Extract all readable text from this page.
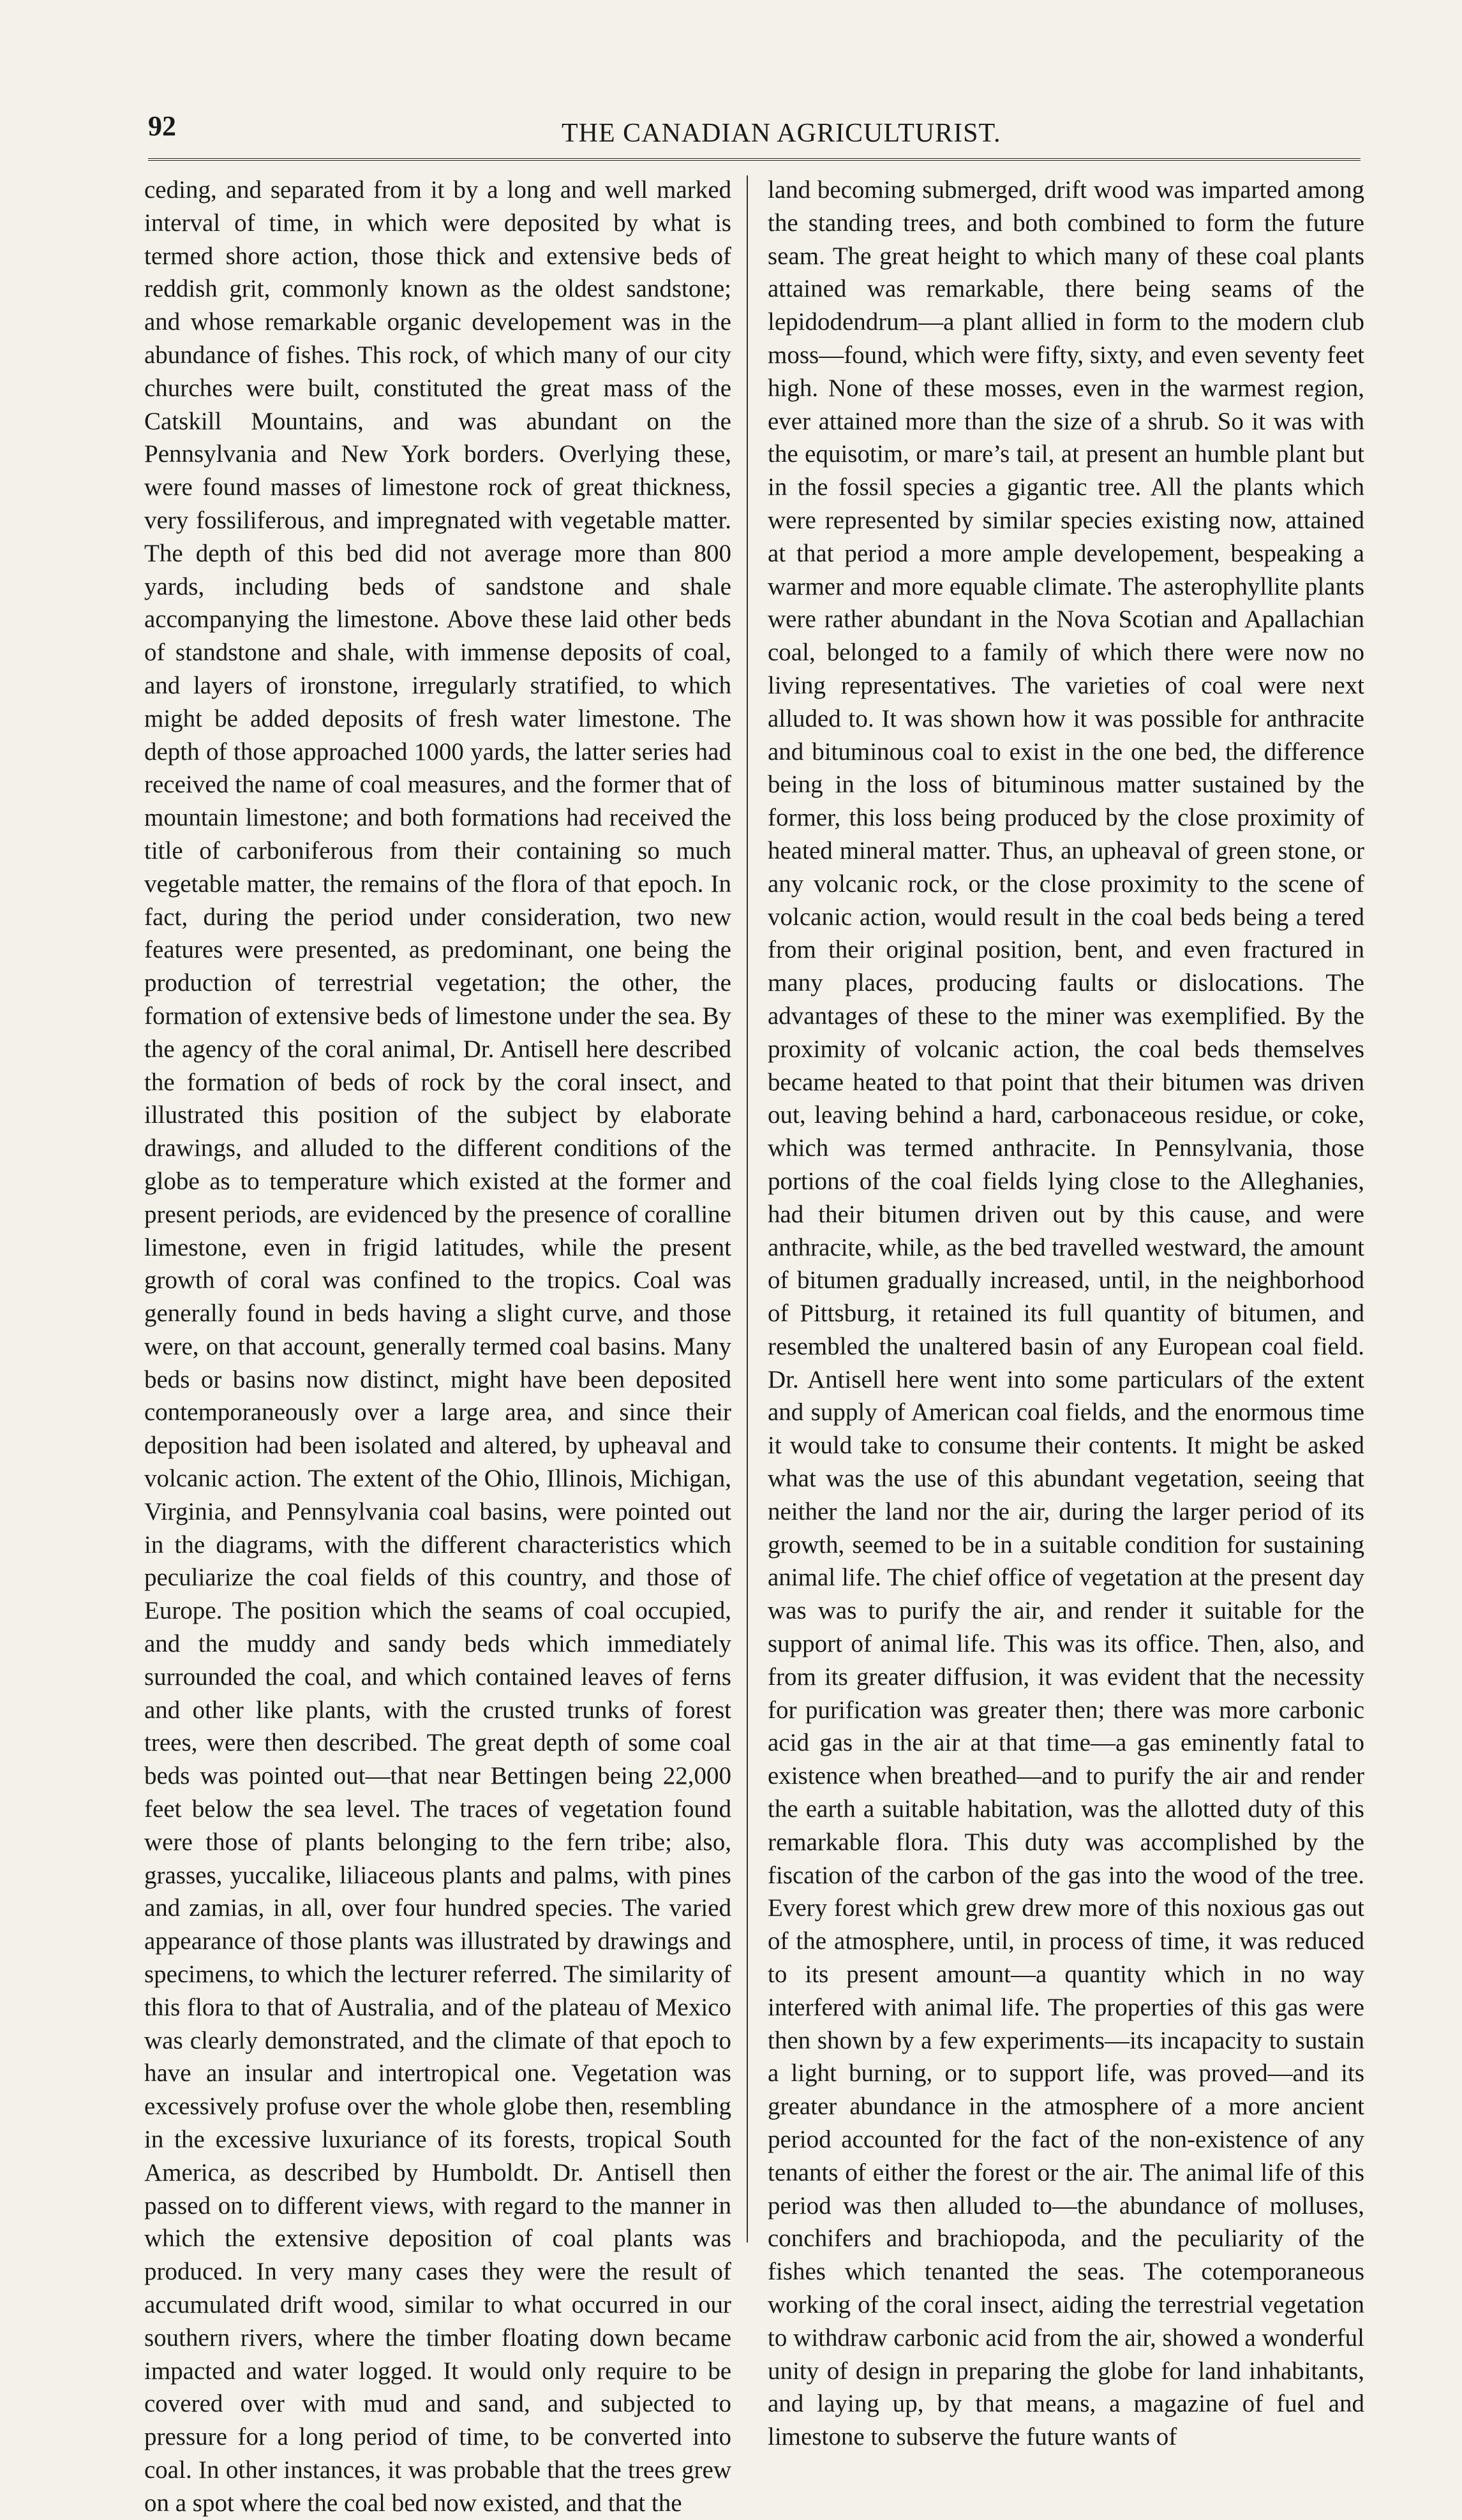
92	THE CANADIAN AGRICULTURIST.

ceding, and separated from it by a long and well marked interval of time, in which were deposited by what is termed shore action, those thick and extensive beds of reddish grit, commonly known as the oldest sandstone; and whose remarkable organic developement was in the abundance of fishes. This rock, of which many of our city churches were built, constituted the great mass of the Catskill Mountains, and was abundant on the Pennsylvania and New York borders. Overlying these, were found masses of limestone rock of great thickness, very fossiliferous, and impregnated with vegetable matter. The depth of this bed did not average more than 800 yards, including beds of sandstone and shale accompanying the limestone. Above these laid other beds of standstone and shale, with immense deposits of coal, and layers of ironstone, irregularly stratified, to which might be added deposits of fresh water limestone. The depth of those approached 1000 yards, the latter series had received the name of coal measures, and the former that of mountain limestone; and both formations had received the title of carboniferous from their containing so much vegetable matter, the remains of the flora of that epoch. In fact, during the period under consideration, two new features were presented, as predominant, one being the production of terrestrial vegetation; the other, the formation of extensive beds of limestone under the sea. By the agency of the coral animal, Dr. Antisell here described the formation of beds of rock by the coral insect, and illustrated this position of the subject by elaborate drawings, and alluded to the different conditions of the globe as to temperature which existed at the former and present periods, are evidenced by the presence of coralline limestone, even in frigid latitudes, while the present growth of coral was confined to the tropics. Coal was generally found in beds having a slight curve, and those were, on that account, generally termed coal basins. Many beds or basins now distinct, might have been deposited contemporaneously over a large area, and since their deposition had been isolated and altered, by upheaval and volcanic action. The extent of the Ohio, Illinois, Michigan, Virginia, and Pennsylvania coal basins, were pointed out in the diagrams, with the different characteristics which peculiarize the coal fields of this country, and those of Europe. The position which the seams of coal occupied, and the muddy and sandy beds which immediately surrounded the coal, and which contained leaves of ferns and other like plants, with the crusted trunks of forest trees, were then described. The great depth of some coal beds was pointed out—that near Bettingen being 22,000 feet below the sea level. The traces of vegetation found were those of plants belonging to the fern tribe; also, grasses, yuccalike, liliaceous plants and palms, with pines and zamias, in all, over four hundred species. The varied appearance of those plants was illustrated by drawings and specimens, to which the lecturer referred. The similarity of this flora to that of Australia, and of the plateau of Mexico was clearly demonstrated, and the climate of that epoch to have an insular and intertropical one. Vegetation was excessively profuse over the whole globe then, resembling in the excessive luxuriance of its forests, tropical South America, as described by Humboldt. Dr. Antisell then passed on to different views, with regard to the manner in which the extensive deposition of coal plants was produced. In very many cases they were the result of accumulated drift wood, similar to what occurred in our southern rivers, where the timber floating down became impacted and water logged. It would only require to be covered over with mud and sand, and subjected to pressure for a long period of time, to be converted into coal. In other instances, it was probable that the trees grew on a spot where the coal bed now existed, and that the

land becoming submerged, drift wood was imparted among the standing trees, and both combined to form the future seam. The great height to which many of these coal plants attained was remarkable, there being seams of the lepidodendrum—a plant allied in form to the modern club moss—found, which were fifty, sixty, and even seventy feet high. None of these mosses, even in the warmest region, ever attained more than the size of a shrub. So it was with the equisotim, or mare’s tail, at present an humble plant but in the fossil species a gigantic tree. All the plants which were represented by similar species existing now, attained at that period a more ample developement, bespeaking a warmer and more equable climate. The asterophyllite plants were rather abundant in the Nova Scotian and Apallachian coal, belonged to a family of which there were now no living representatives. The varieties of coal were next alluded to. It was shown how it was possible for anthracite and bituminous coal to exist in the one bed, the difference being in the loss of bituminous matter sustained by the former, this loss being produced by the close proximity of heated mineral matter. Thus, an upheaval of green stone, or any volcanic rock, or the close proximity to the scene of volcanic action, would result in the coal beds being a tered from their original position, bent, and even fractured in many places, producing faults or dislocations. The advantages of these to the miner was exemplified. By the proximity of volcanic action, the coal beds themselves became heated to that point that their bitumen was driven out, leaving behind a hard, carbonaceous residue, or coke, which was termed anthracite. In Pennsylvania, those portions of the coal fields lying close to the Alleghanies, had their bitumen driven out by this cause, and were anthracite, while, as the bed travelled westward, the amount of bitumen gradually increased, until, in the neighborhood of Pittsburg, it retained its full quantity of bitumen, and resembled the unaltered basin of any European coal field. Dr. Antisell here went into some particulars of the extent and supply of American coal fields, and the enormous time it would take to consume their contents. It might be asked what was the use of this abundant vegetation, seeing that neither the land nor the air, during the larger period of its growth, seemed to be in a suitable condition for sustaining animal life. The chief office of vegetation at the present day was was to purify the air, and render it suitable for the support of animal life. This was its office. Then, also, and from its greater diffusion, it was evident that the necessity for purification was greater then; there was more carbonic acid gas in the air at that time—a gas eminently fatal to existence when breathed—and to purify the air and render the earth a suitable habitation, was the allotted duty of this remarkable flora. This duty was accomplished by the fiscation of the carbon of the gas into the wood of the tree. Every forest which grew drew more of this noxious gas out of the atmosphere, until, in process of time, it was reduced to its present amount—a quantity which in no way interfered with animal life. The properties of this gas were then shown by a few experiments—its incapacity to sustain a light burning, or to support life, was proved—and its greater abundance in the atmosphere of a more ancient period accounted for the fact of the non-existence of any tenants of either the forest or the air. The animal life of this period was then alluded to—the abundance of molluses, conchifers and brachiopoda, and the peculiarity of the fishes which tenanted the seas. The cotemporaneous working of the coral insect, aiding the terrestrial vegetation to withdraw carbonic acid from the air, showed a wonderful unity of design in preparing the globe for land inhabitants, and laying up, by that means, a magazine of fuel and limestone to subserve the future wants of
